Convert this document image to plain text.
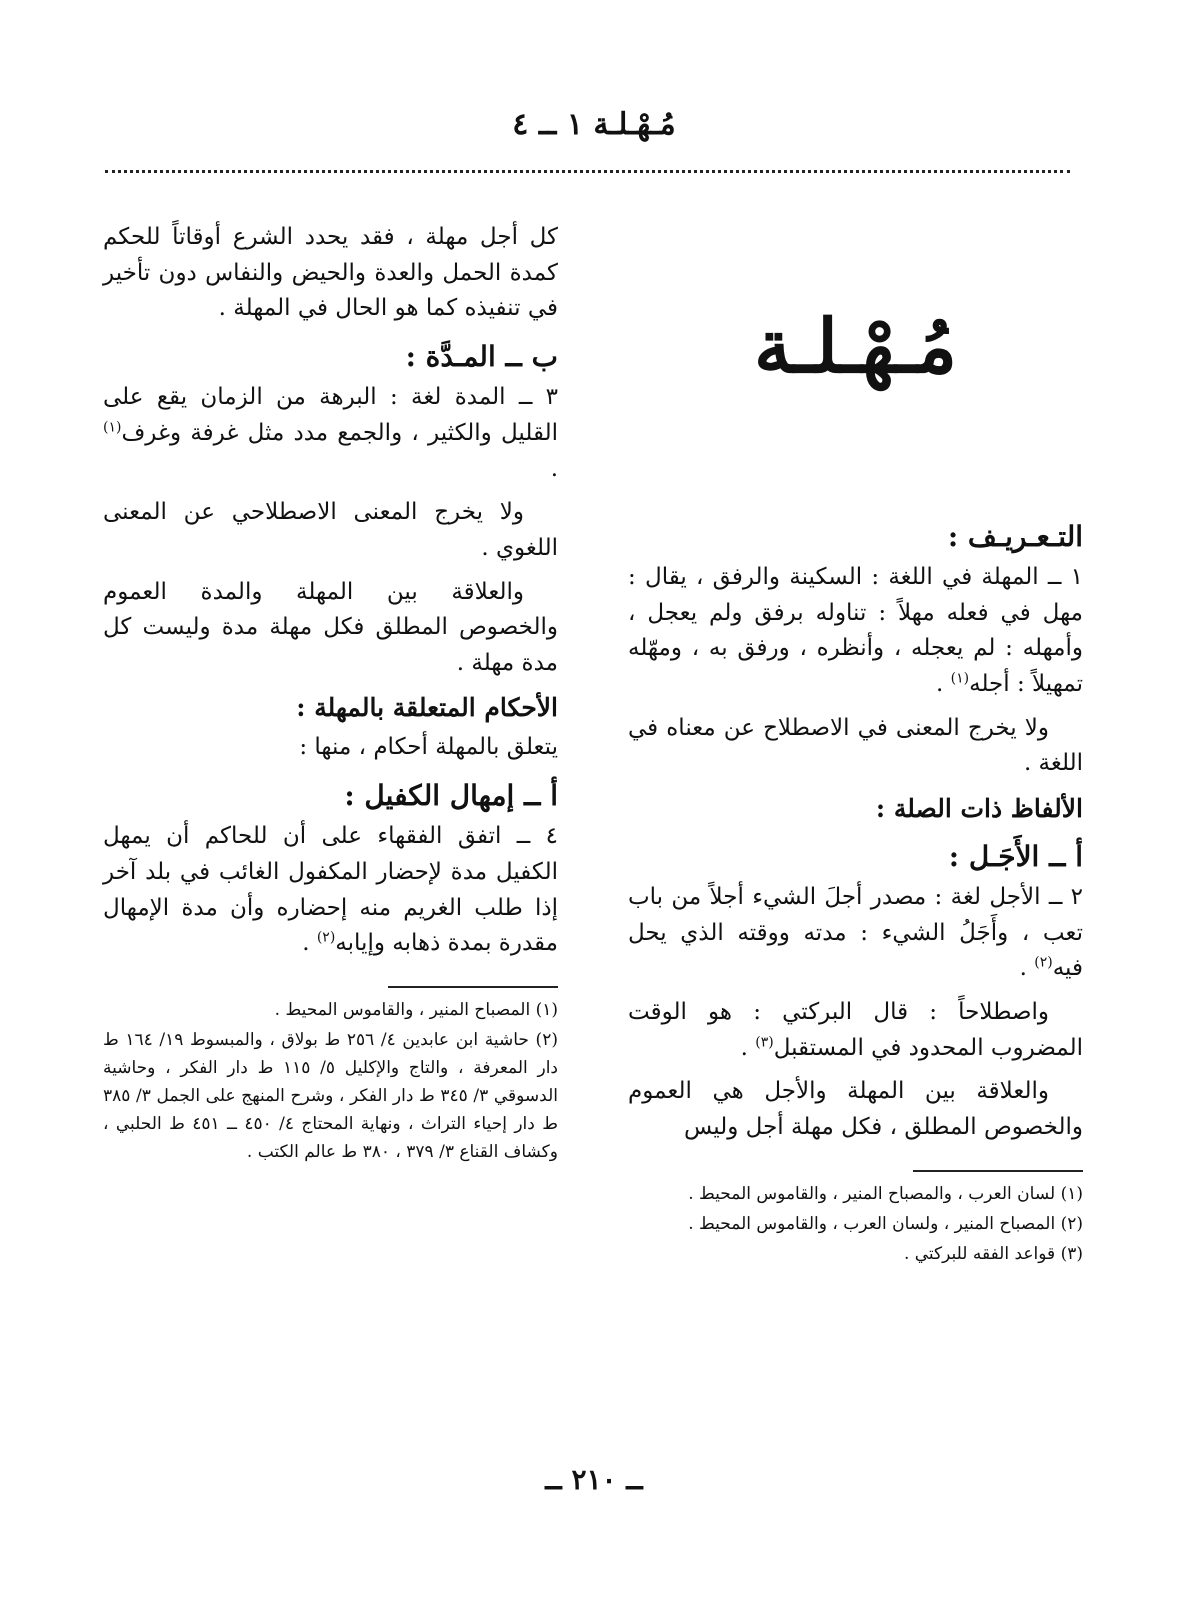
مُـهْـلـة ١ ــ ٤
مُـهْـلـة
التـعـريـف :

١ ــ المهلة في اللغة : السكينة والرفق ، يقال : مهل في فعله مهلاً : تناوله برفق ولم يعجل ، وأمهله : لم يعجله ، وأنظره ، ورفق به ، ومهّله تمهيلاً : أجله$^{(١)}$ .

ولا يخرج المعنى في الاصطلاح عن معناه في اللغة .

الألفاظ ذات الصلة :
أ ــ الأَجَـل :

٢ ــ الأجل لغة : مصدر أجلَ الشيء أجلاً من باب تعب ، وأَجَلُ الشيء : مدته ووقته الذي يحل فيه$^{(٢)}$ .

واصطلاحاً : قال البركتي : هو الوقت المضروب المحدود في المستقبل$^{(٣)}$ .

والعلاقة بين المهلة والأجل هي العموم والخصوص المطلق ، فكل مهلة أجل وليس

(١) لسان العرب ، والمصباح المنير ، والقاموس المحيط .
(٢) المصباح المنير ، ولسان العرب ، والقاموس المحيط .
(٣) قواعد الفقه للبركتي .

كل أجل مهلة ، فقد يحدد الشرع أوقاتاً للحكم كمدة الحمل والعدة والحيض والنفاس دون تأخير في تنفيذه كما هو الحال في المهلة .

ب ــ المـدَّة :

٣ ــ المدة لغة : البرهة من الزمان يقع على القليل والكثير ، والجمع مدد مثل غرفة وغرف$^{(١)}$ .

ولا يخرج المعنى الاصطلاحي عن المعنى اللغوي .

والعلاقة بين المهلة والمدة العموم والخصوص المطلق فكل مهلة مدة وليست كل مدة مهلة .

الأحكام المتعلقة بالمهلة :

يتعلق بالمهلة أحكام ، منها :

أ ــ إمهال الكفيل :

٤ ــ اتفق الفقهاء على أن للحاكم أن يمهل الكفيل مدة لإحضار المكفول الغائب في بلد آخر إذا طلب الغريم منه إحضاره وأن مدة الإمهال مقدرة بمدة ذهابه وإيابه$^{(٢)}$ .

(١) المصباح المنير ، والقاموس المحيط .
(٢) حاشية ابن عابدين ٤/ ٢٥٦ ط بولاق ، والمبسوط ١٩/ ١٦٤ ط دار المعرفة ، والتاج والإكليل ٥/ ١١٥ ط دار الفكر ، وحاشية الدسوقي ٣/ ٣٤٥ ط دار الفكر ، وشرح المنهج على الجمل ٣/ ٣٨٥ ط دار إحياء التراث ، ونهاية المحتاج ٤/ ٤٥٠ ــ ٤٥١ ط الحلبي ، وكشاف القناع ٣/ ٣٧٩ ، ٣٨٠ ط عالم الكتب .
ــ ٢١٠ ــ
